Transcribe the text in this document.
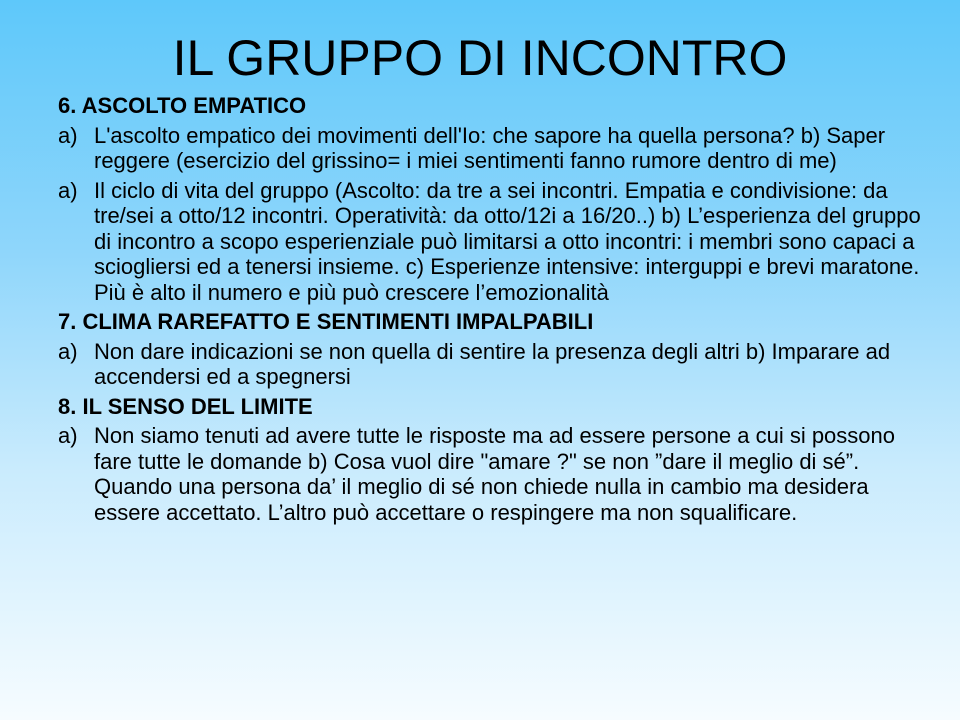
IL GRUPPO DI INCONTRO
6. ASCOLTO EMPATICO
a) L'ascolto empatico dei movimenti dell'Io: che sapore ha quella persona? b) Saper reggere (esercizio del grissino= i miei sentimenti fanno rumore dentro di me)
a) Il ciclo di vita del gruppo (Ascolto: da tre a sei incontri. Empatia e condivisione: da tre/sei a otto/12 incontri. Operatività: da otto/12i a 16/20..) b) L’esperienza del gruppo di incontro a scopo esperienziale può limitarsi a otto incontri: i membri sono capaci a sciogliersi ed a tenersi insieme. c) Esperienze intensive: interguppi e brevi maratone. Più è alto il numero e più può crescere l’emozionalità
7. CLIMA RAREFATTO E SENTIMENTI IMPALPABILI
a) Non dare indicazioni se non quella di sentire la presenza degli altri b) Imparare ad accendersi ed a spegnersi
8. IL SENSO DEL LIMITE
a) Non siamo tenuti ad avere tutte le risposte ma ad essere persone a cui si possono fare tutte le domande b) Cosa vuol dire "amare ?" se non ”dare il meglio di sé”. Quando una persona da’ il meglio di sé non chiede nulla in cambio ma desidera essere accettato. L’altro può accettare o respingere ma non squalificare.
